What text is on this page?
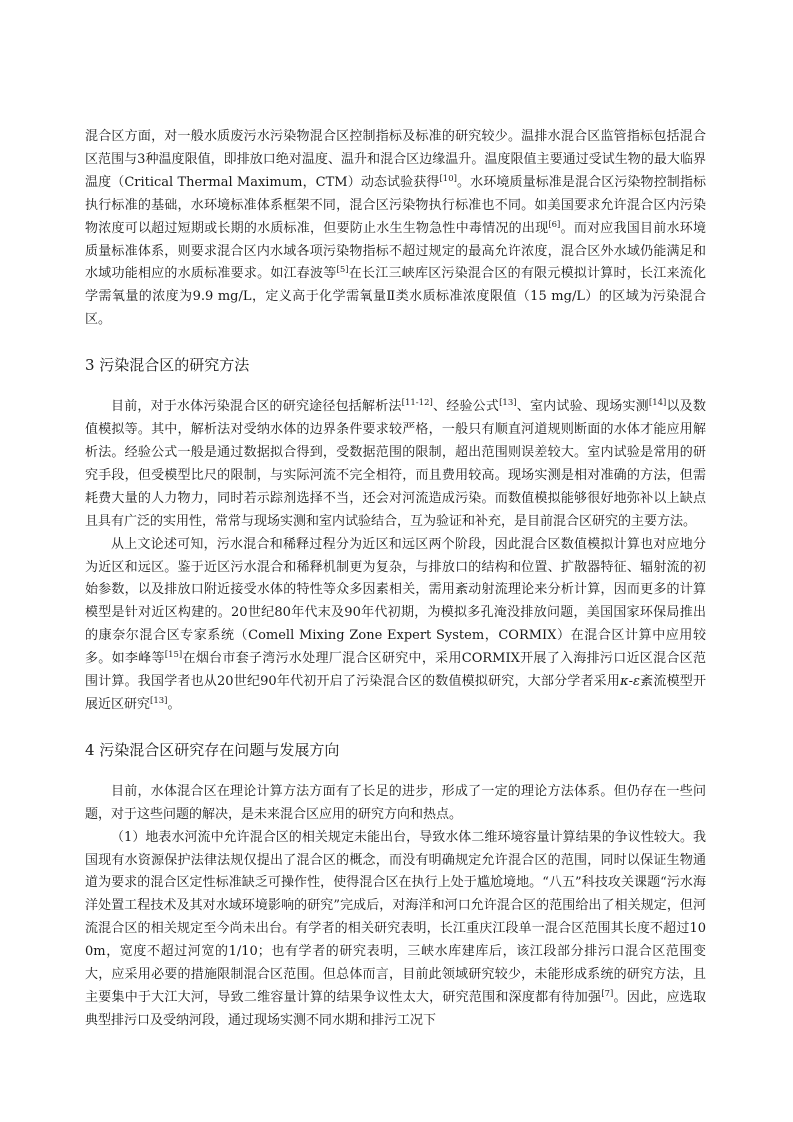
混合区方面，对一般水质废污水污染物混合区控制指标及标准的研究较少。温排水混合区监管指标包括混合区范围与3种温度限值，即排放口绝对温度、温升和混合区边缘温升。温度限值主要通过受试生物的最大临界温度（Critical Thermal Maximum，CTM）动态试验获得[10]。水环境质量标准是混合区污染物控制指标执行标准的基础，水环境标准体系框架不同，混合区污染物执行标准也不同。如美国要求允许混合区内污染物浓度可以超过短期或长期的水质标准，但要防止水生生物急性中毒情况的出现[6]。而对应我国目前水环境质量标准体系，则要求混合区内水域各项污染物指标不超过规定的最高允许浓度，混合区外水域仍能满足和水域功能相应的水质标准要求。如江春波等[5]在长江三峡库区污染混合区的有限元模拟计算时，长江来流化学需氧量的浓度为9.9 mg/L，定义高于化学需氧量Ⅱ类水质标准浓度限值（15 mg/L）的区域为污染混合区。

3 污染混合区的研究方法

目前，对于水体污染混合区的研究途径包括解析法[11-12]、经验公式[13]、室内试验、现场实测[14]以及数值模拟等。其中，解析法对受纳水体的边界条件要求较严格，一般只有顺直河道规则断面的水体才能应用解析法。经验公式一般是通过数据拟合得到，受数据范围的限制，超出范围则误差较大。室内试验是常用的研究手段，但受模型比尺的限制，与实际河流不完全相符，而且费用较高。现场实测是相对准确的方法，但需耗费大量的人力物力，同时若示踪剂选择不当，还会对河流造成污染。而数值模拟能够很好地弥补以上缺点且具有广泛的实用性，常常与现场实测和室内试验结合，互为验证和补充，是目前混合区研究的主要方法。

从上文论述可知，污水混合和稀释过程分为近区和远区两个阶段，因此混合区数值模拟计算也对应地分为近区和远区。鉴于近区污水混合和稀释机制更为复杂，与排放口的结构和位置、扩散器特征、辐射流的初始参数，以及排放口附近接受水体的特性等众多因素相关，需用紊动射流理论来分析计算，因而更多的计算模型是针对近区构建的。20世纪80年代末及90年代初期，为模拟多孔淹没排放问题，美国国家环保局推出的康奈尔混合区专家系统（Comell Mixing Zone Expert System，CORMIX）在混合区计算中应用较多。如李峰等[15]在烟台市套子湾污水处理厂混合区研究中，采用CORMIX开展了入海排污口近区混合区范围计算。我国学者也从20世纪90年代初开启了污染混合区的数值模拟研究，大部分学者采用κ-ε紊流模型开展近区研究[13]。

4 污染混合区研究存在问题与发展方向

目前，水体混合区在理论计算方法方面有了长足的进步，形成了一定的理论方法体系。但仍存在一些问题，对于这些问题的解决，是未来混合区应用的研究方向和热点。

（1）地表水河流中允许混合区的相关规定未能出台，导致水体二维环境容量计算结果的争议性较大。我国现有水资源保护法律法规仅提出了混合区的概念，而没有明确规定允许混合区的范围，同时以保证生物通道为要求的混合区定性标准缺乏可操作性，使得混合区在执行上处于尴尬境地。“八五”科技攻关课题“污水海洋处置工程技术及其对水域环境影响的研究”完成后，对海洋和河口允许混合区的范围给出了相关规定，但河流混合区的相关规定至今尚未出台。有学者的相关研究表明，长江重庆江段单一混合区范围其长度不超过100m，宽度不超过河宽的1/10；也有学者的研究表明，三峡水库建库后，该江段部分排污口混合区范围变大，应采用必要的措施限制混合区范围。但总体而言，目前此领域研究较少，未能形成系统的研究方法，且主要集中于大江大河，导致二维容量计算的结果争议性太大，研究范围和深度都有待加强[7]。因此，应选取典型排污口及受纳河段，通过现场实测不同水期和排污工况下
